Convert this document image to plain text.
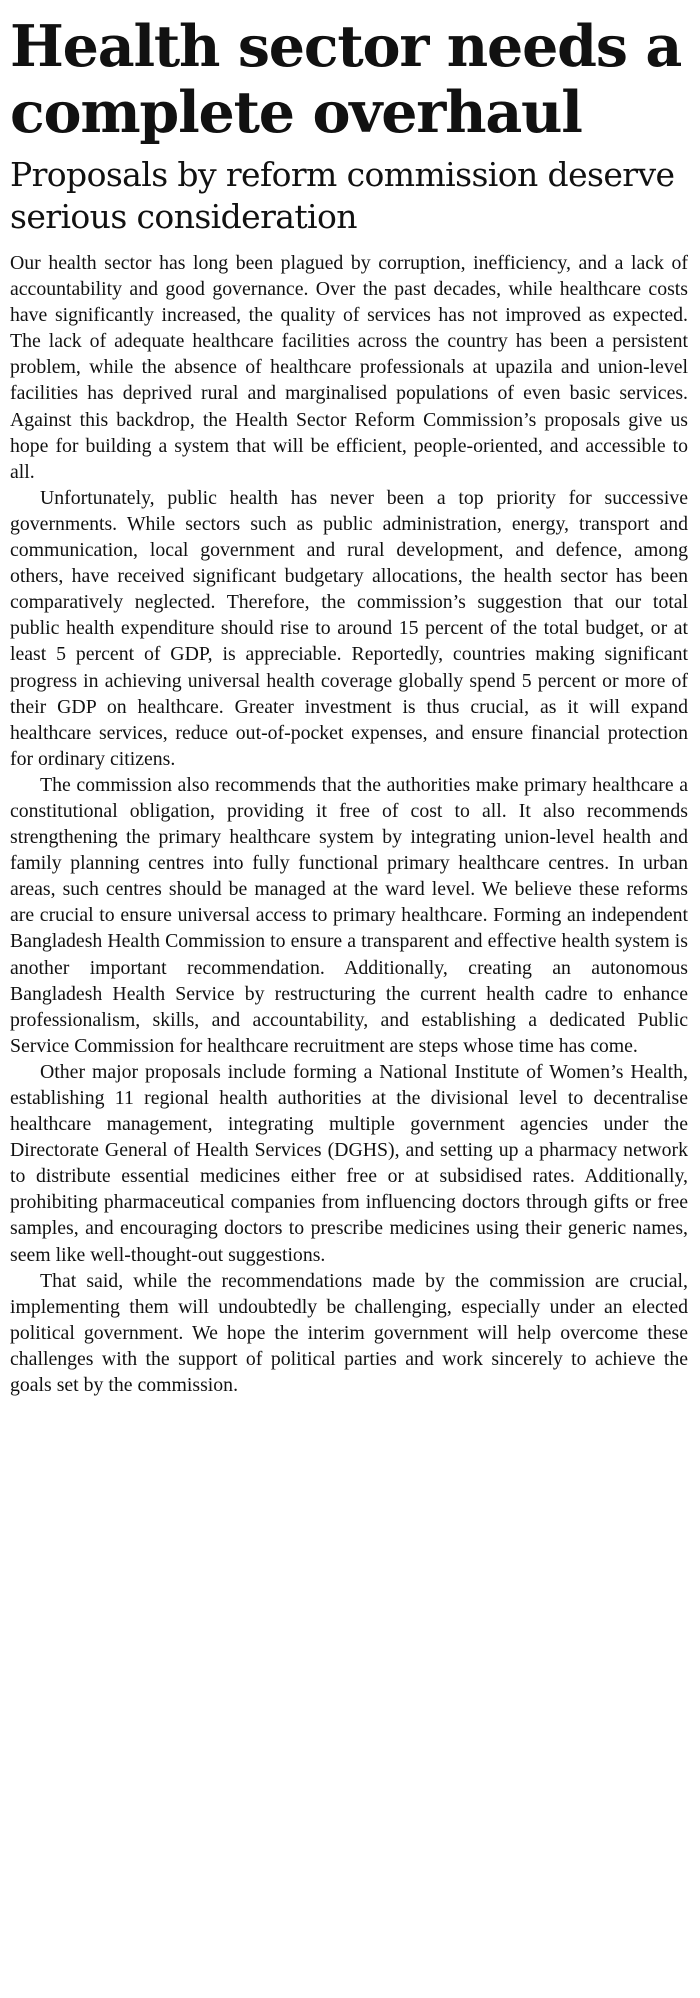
Health sector needs a complete overhaul
Proposals by reform commission deserve serious consideration

Our health sector has long been plagued by corruption, inefficiency, and a lack of accountability and good governance. Over the past decades, while healthcare costs have significantly increased, the quality of services has not improved as expected. The lack of adequate healthcare facilities across the country has been a persistent problem, while the absence of healthcare professionals at upazila and union-level facilities has deprived rural and marginalised populations of even basic services. Against this backdrop, the Health Sector Reform Commission’s proposals give us hope for building a system that will be efficient, people-oriented, and accessible to all.

Unfortunately, public health has never been a top priority for successive governments. While sectors such as public administration, energy, transport and communication, local government and rural development, and defence, among others, have received significant budgetary allocations, the health sector has been comparatively neglected. Therefore, the commission’s suggestion that our total public health expenditure should rise to around 15 percent of the total budget, or at least 5 percent of GDP, is appreciable. Reportedly, countries making significant progress in achieving universal health coverage globally spend 5 percent or more of their GDP on healthcare. Greater investment is thus crucial, as it will expand healthcare services, reduce out-of-pocket expenses, and ensure financial protection for ordinary citizens.

The commission also recommends that the authorities make primary healthcare a constitutional obligation, providing it free of cost to all. It also recommends strengthening the primary healthcare system by integrating union-level health and family planning centres into fully functional primary healthcare centres. In urban areas, such centres should be managed at the ward level. We believe these reforms are crucial to ensure universal access to primary healthcare. Forming an independent Bangladesh Health Commission to ensure a transparent and effective health system is another important recommendation. Additionally, creating an autonomous Bangladesh Health Service by restructuring the current health cadre to enhance professionalism, skills, and accountability, and establishing a dedicated Public Service Commission for healthcare recruitment are steps whose time has come.

Other major proposals include forming a National Institute of Women’s Health, establishing 11 regional health authorities at the divisional level to decentralise healthcare management, integrating multiple government agencies under the Directorate General of Health Services (DGHS), and setting up a pharmacy network to distribute essential medicines either free or at subsidised rates. Additionally, prohibiting pharmaceutical companies from influencing doctors through gifts or free samples, and encouraging doctors to prescribe medicines using their generic names, seem like well-thought-out suggestions.

That said, while the recommendations made by the commission are crucial, implementing them will undoubtedly be challenging, especially under an elected political government. We hope the interim government will help overcome these challenges with the support of political parties and work sincerely to achieve the goals set by the commission.
